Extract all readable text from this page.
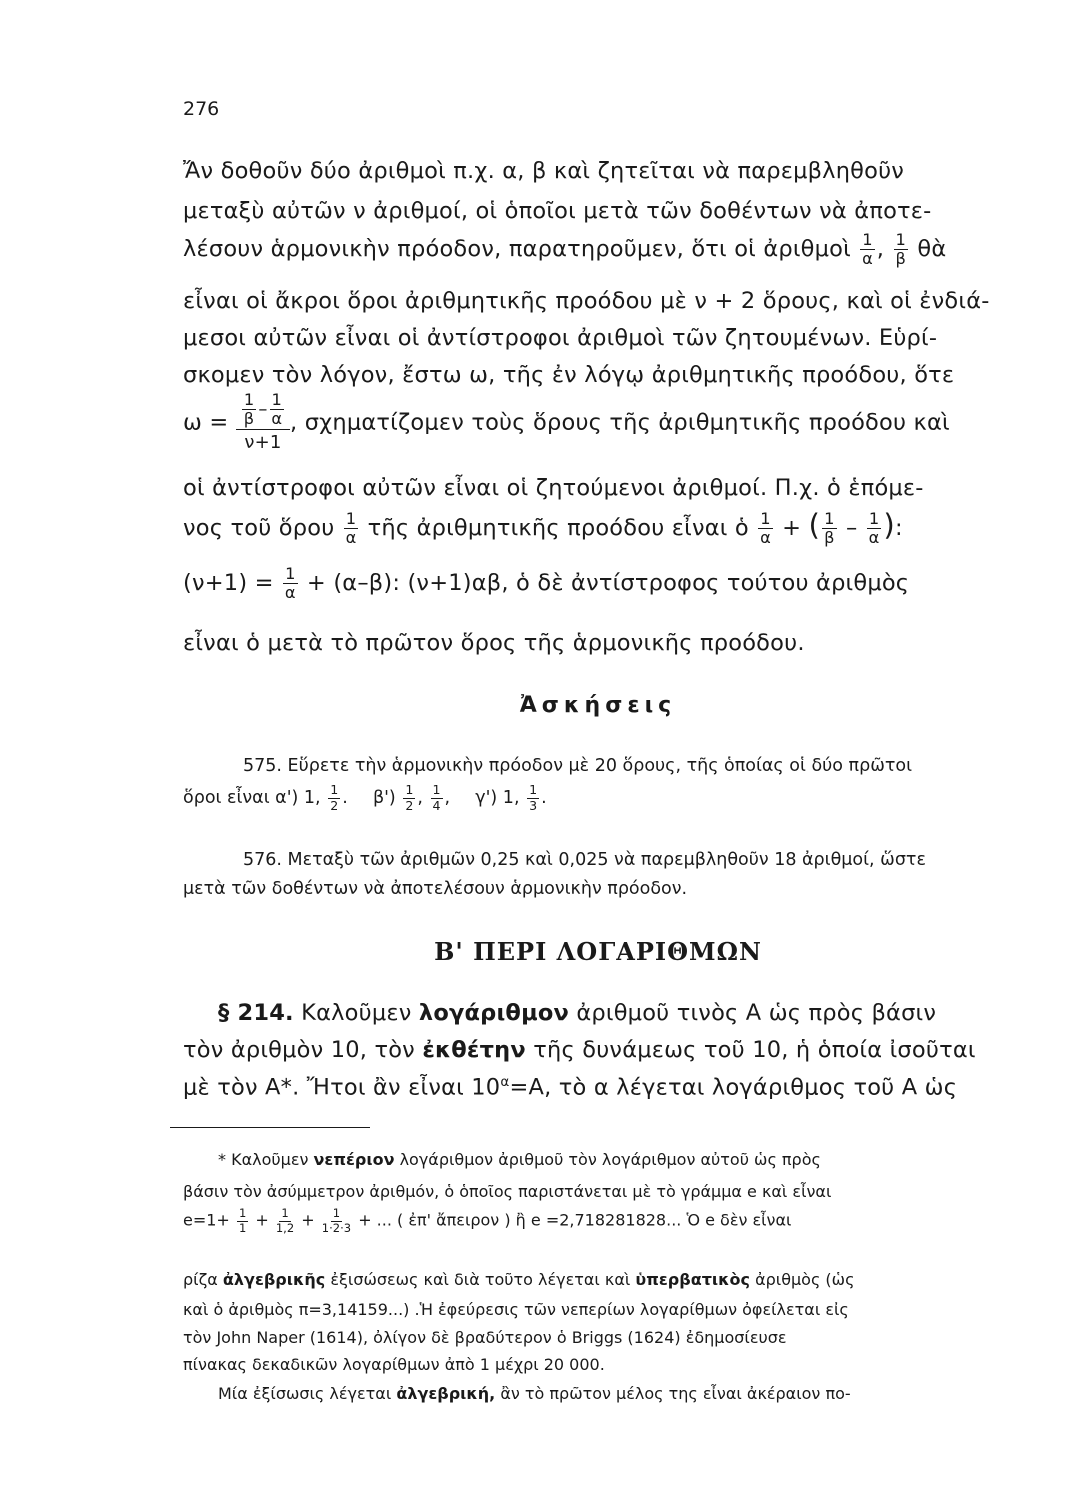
276
Ἄν δοθοῦν δύο ἀριθμοὶ π.χ. α, β καὶ ζητεῖται νὰ παρεμβληθοῦν
μεταξὺ αὐτῶν ν ἀριθμοί, οἱ ὁποῖοι μετὰ τῶν δοθέντων νὰ ἀποτε-
λέσουν ἁρμονικὴν πρόοδον, παρατηροῦμεν, ὅτι οἱ ἀριθμοὶ $\frac{1}{\alpha}$ , $\frac{1}{\beta}$ θὰ
εἶναι οἱ ἄκροι ὅροι ἀριθμητικῆς προόδου μὲ ν + 2 ὅρους, καὶ οἱ ἐνδιά-
μεσοι αὐτῶν εἶναι οἱ ἀντίστροφοι ἀριθμοὶ τῶν ζητουμένων. Εὑρί-
σκομεν τὸν λόγον, ἔστω ω, τῆς ἐν λόγῳ ἀριθμητικῆς προόδου, ὅτε
$\omega = \frac{1}{\beta} - \frac{1}{\alpha}$
ν+1
, σχηματίζομεν τοὺς ὅρους τῆς ἀριθμητικῆς προόδου καὶ
οἱ ἀντίστροφοι αὐτῶν εἶναι οἱ ζητούμενοι ἀριθμοί. Π.χ. ὁ ἑπόμε-
νος τοῦ ὅρου $\frac{1}{\alpha}$ τῆς ἀριθμητικῆς προόδου εἶναι ὁ $\frac{1}{\alpha}$ + ( $\frac{1}{\beta} - \frac{1}{\alpha}$ ):
$(\nu+1) = \frac{1}{\alpha} + (\alpha-\beta)$: (ν+1)αβ, ὁ δὲ ἀντίστροφος τούτου ἀριθμὸς
εἶναι ὁ μετὰ τὸ πρῶτον ὅρος τῆς ἁρμονικῆς προόδου.
Ἀσκήσεις
575. Εὕρετε τὴν ἁρμονικὴν πρόοδον μὲ 20 ὅρους, τῆς ὁποίας οἱ δύο πρῶτοι
ὅροι εἶναι α') 1, $\frac{1}{2}$ .  $\beta') \frac{1}{2}$ , $\frac{1}{4}$ , γ') 1, $\frac{1}{3}$ .
576. Μεταξὺ τῶν ἀριθμῶν 0,25 καὶ 0,025 νὰ παρεμβληθοῦν 18 ἀριθμοί, ὥστε
μετὰ τῶν δοθέντων νὰ ἀποτελέσουν ἁρμονικὴν πρόοδον.
Β' ΠΕΡΙ ΛΟΓΑΡΙΘΜΩΝ
§ 214. Καλοῦμεν λογάριθμον ἀριθμοῦ τινὸς Α ὡς πρὸς βάσιν
τὸν ἀριθμὸν 10, τὸν ἐκθέτην τῆς δυνάμεως τοῦ 10, ἡ ὁποία ἰσοῦται
μὲ τὸν Α*. Ἤτοι ἂν εἶναι $10^\alpha=A$, τὸ α λέγεται λογάριθμος τοῦ Α ὡς
* Καλοῦμεν νεπέριον λογάριθμον ἀριθμοῦ τὸν λογάριθμον αὐτοῦ ὡς πρὸς
βάσιν τὸν ἀσύμμετρον ἀριθμόν, ὁ ὁποῖος παριστάνεται μὲ τὸ γράμμα e καὶ εἶναι
$e=1+ \frac{1}{1} + \frac{1}{1,2} + \frac{1}{1\cdot 2\cdot 3}$ + ... ( ἐπ' ἄπειρον ) ἢ e =2,718281828... Ὁ e δὲν εἶναι
ρίζα ἀλγεβρικῆς ἐξισώσεως καὶ διὰ τοῦτο λέγεται καὶ ὑπερβατικὸς ἀριθμὸς (ὡς
καὶ ὁ ἀριθμὸς π=3,14159...) .Ἡ ἐφεύρεσις τῶν νεπερίων λογαρίθμων ὀφείλεται εἰς
τὸν John Naper (1614), ὀλίγον δὲ βραδύτερον ὁ Briggs (1624) ἐδημοσίευσε
πίνακας δεκαδικῶν λογαρίθμων ἀπὸ 1 μέχρι 20 000.
Μία ἐξίσωσις λέγεται ἀλγεβρική, ἂν τὸ πρῶτον μέλος της εἶναι ἀκέραιον πο-
